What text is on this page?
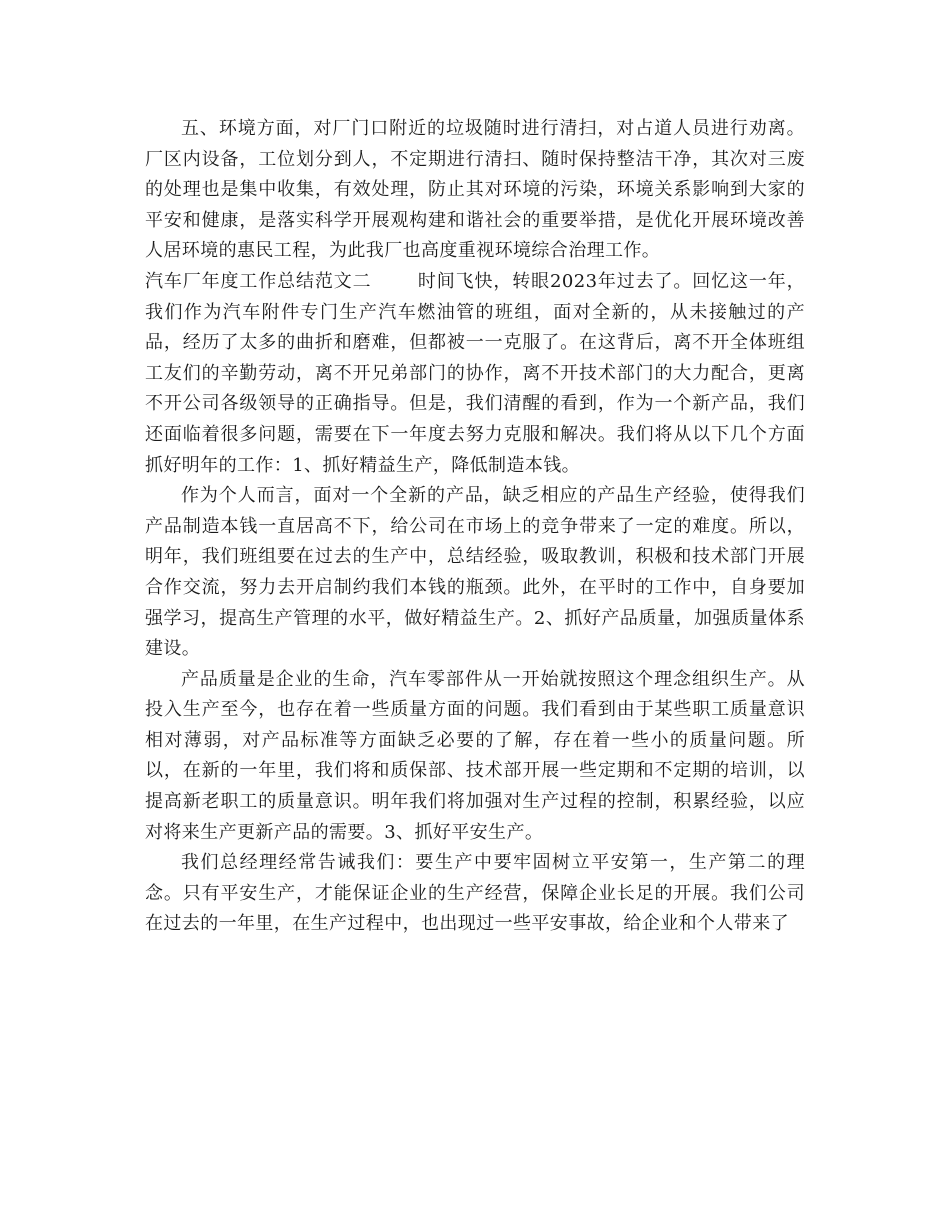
五、环境方面，对厂门口附近的垃圾随时进行清扫，对占道人员进行劝离。厂区内设备，工位划分到人，不定期进行清扫、随时保持整洁干净，其次对三废的处理也是集中收集，有效处理，防止其对环境的污染，环境关系影响到大家的平安和健康，是落实科学开展观构建和谐社会的重要举措，是优化开展环境改善人居环境的惠民工程，为此我厂也高度重视环境综合治理工作。

汽车厂年度工作总结范文二	时间飞快，转眼2023年过去了。回忆这一年，我们作为汽车附件专门生产汽车燃油管的班组，面对全新的，从未接触过的产品，经历了太多的曲折和磨难，但都被一一克服了。在这背后，离不开全体班组工友们的辛勤劳动，离不开兄弟部门的协作，离不开技术部门的大力配合，更离不开公司各级领导的正确指导。但是，我们清醒的看到，作为一个新产品，我们还面临着很多问题，需要在下一年度去努力克服和解决。我们将从以下几个方面抓好明年的工作：1、抓好精益生产，降低制造本钱。

作为个人而言，面对一个全新的产品，缺乏相应的产品生产经验，使得我们产品制造本钱一直居高不下，给公司在市场上的竞争带来了一定的难度。所以，明年，我们班组要在过去的生产中，总结经验，吸取教训，积极和技术部门开展合作交流，努力去开启制约我们本钱的瓶颈。此外，在平时的工作中，自身要加强学习，提高生产管理的水平，做好精益生产。2、抓好产品质量，加强质量体系建设。

产品质量是企业的生命，汽车零部件从一开始就按照这个理念组织生产。从投入生产至今，也存在着一些质量方面的问题。我们看到由于某些职工质量意识相对薄弱，对产品标准等方面缺乏必要的了解，存在着一些小的质量问题。所以，在新的一年里，我们将和质保部、技术部开展一些定期和不定期的培训，以提高新老职工的质量意识。明年我们将加强对生产过程的控制，积累经验，以应对将来生产更新产品的需要。3、抓好平安生产。

我们总经理经常告诫我们：要生产中要牢固树立平安第一，生产第二的理念。只有平安生产，才能保证企业的生产经营，保障企业长足的开展。我们公司在过去的一年里，在生产过程中，也出现过一些平安事故，给企业和个人带来了
